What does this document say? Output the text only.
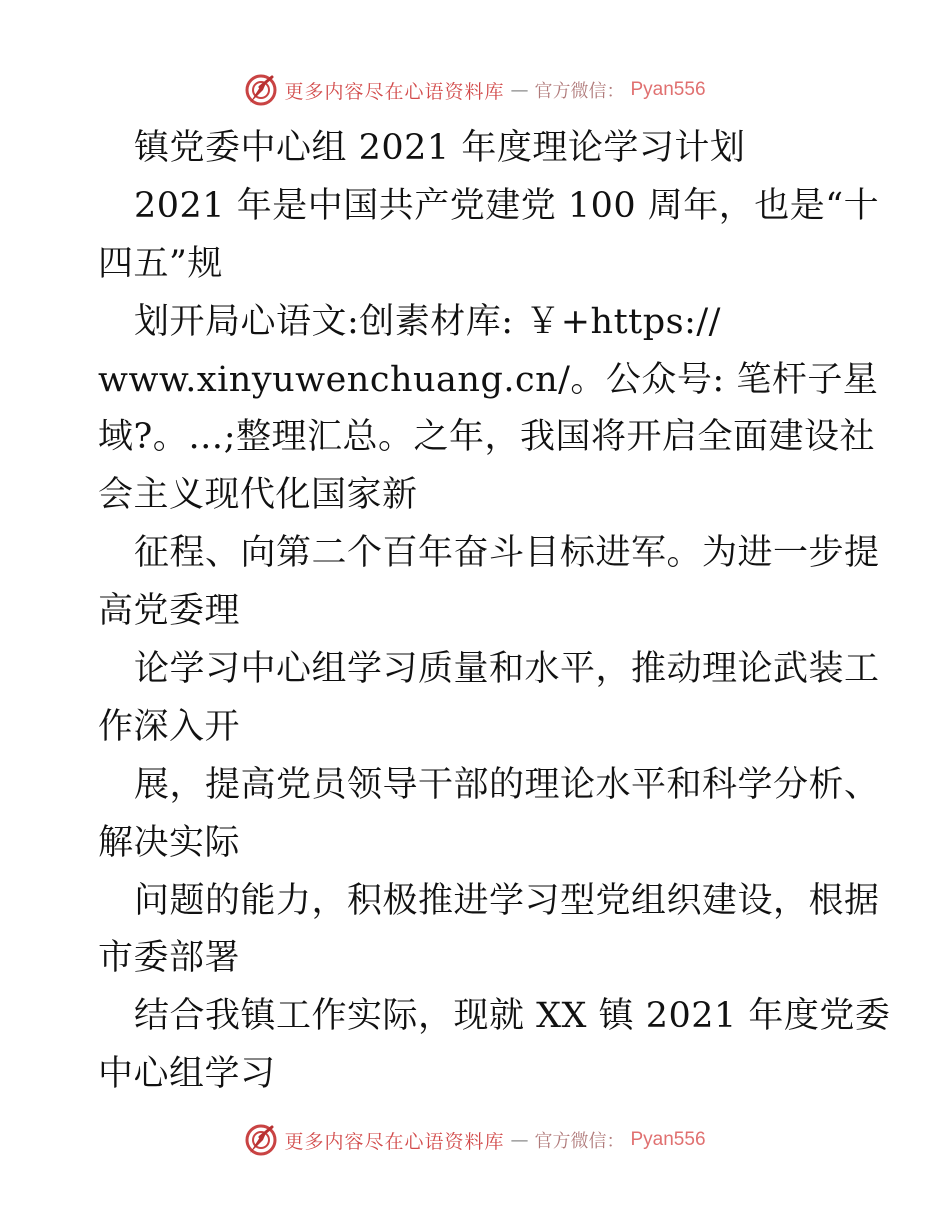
更多内容尽在心语资料库 — 官方微信： Pyan556
镇党委中心组 2021 年度理论学习计划
2021 年是中国共产党建党 100 周年，也是“十
四五”规
划开局心语文:创素材库: ￥+https://
www.xinyuwenchuang.cn/。公众号: 笔杆子星
域?。…;整理汇总。之年，我国将开启全面建设社
会主义现代化国家新
征程、向第二个百年奋斗目标进军。为进一步提
高党委理
论学习中心组学习质量和水平，推动理论武装工
作深入开
展，提高党员领导干部的理论水平和科学分析、
解决实际
问题的能力，积极推进学习型党组织建设，根据
市委部署
结合我镇工作实际，现就 XX 镇 2021 年度党委
中心组学习
更多内容尽在心语资料库 — 官方微信： Pyan556
